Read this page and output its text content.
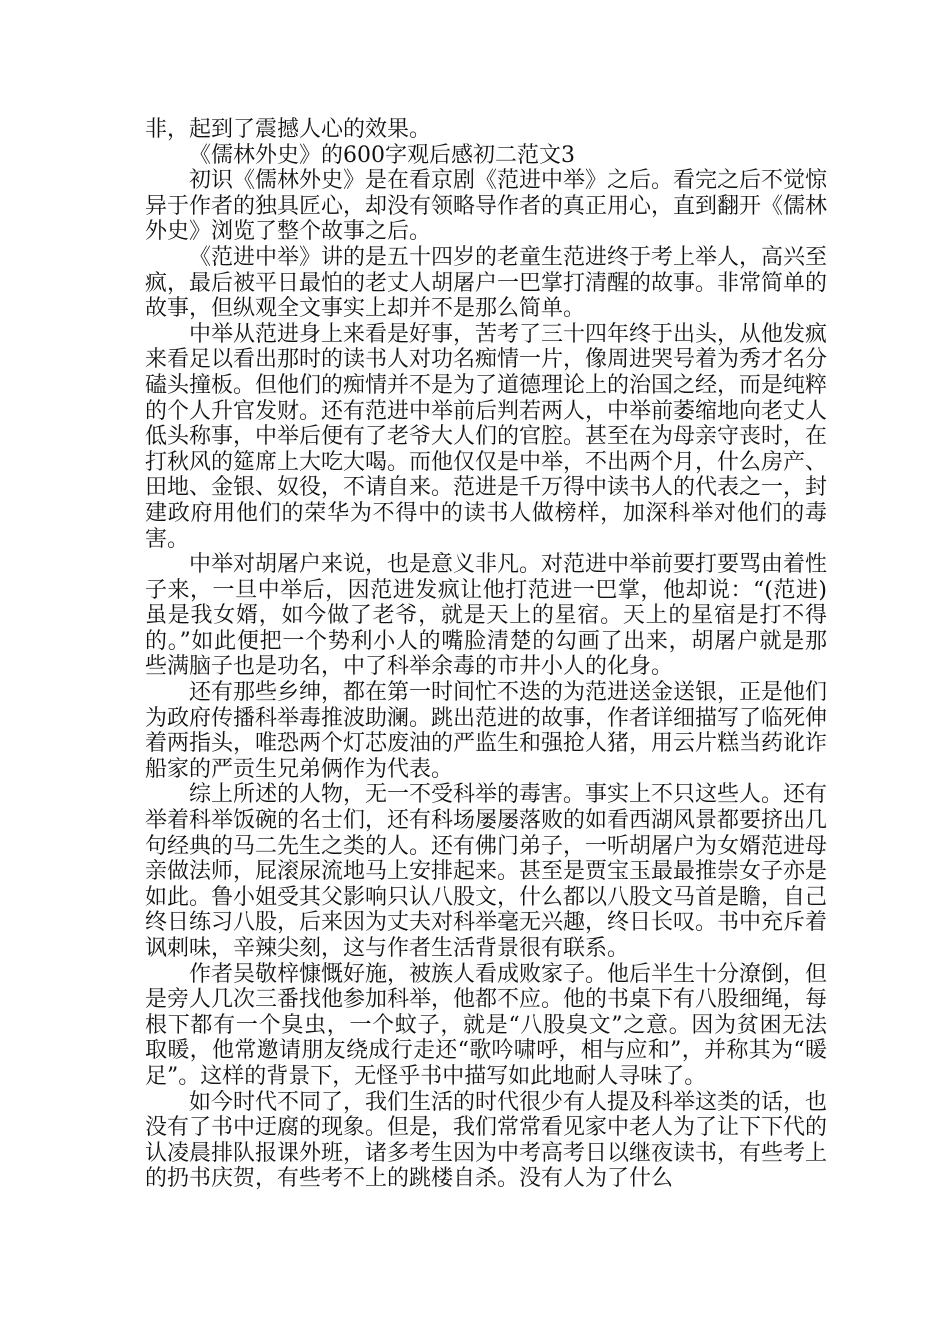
非，起到了震撼人心的效果。

《儒林外史》的600字观后感初二范文3

初识《儒林外史》是在看京剧《范进中举》之后。看完之后不觉惊异于作者的独具匠心，却没有领略导作者的真正用心，直到翻开《儒林外史》浏览了整个故事之后。

《范进中举》讲的是五十四岁的老童生范进终于考上举人，高兴至疯，最后被平日最怕的老丈人胡屠户一巴掌打清醒的故事。非常简单的故事，但纵观全文事实上却并不是那么简单。

中举从范进身上来看是好事，苦考了三十四年终于出头，从他发疯来看足以看出那时的读书人对功名痴情一片，像周进哭号着为秀才名分磕头撞板。但他们的痴情并不是为了道德理论上的治国之经，而是纯粹的个人升官发财。还有范进中举前后判若两人，中举前萎缩地向老丈人低头称事，中举后便有了老爷大人们的官腔。甚至在为母亲守丧时，在打秋风的筵席上大吃大喝。而他仅仅是中举，不出两个月，什么房产、田地、金银、奴役，不请自来。范进是千万得中读书人的代表之一，封建政府用他们的荣华为不得中的读书人做榜样，加深科举对他们的毒害。

中举对胡屠户来说，也是意义非凡。对范进中举前要打要骂由着性子来，一旦中举后，因范进发疯让他打范进一巴掌，他却说：“(范进)虽是我女婿，如今做了老爷，就是天上的星宿。天上的星宿是打不得的。”如此便把一个势利小人的嘴脸清楚的勾画了出来，胡屠户就是那些满脑子也是功名，中了科举余毒的市井小人的化身。

还有那些乡绅，都在第一时间忙不迭的为范进送金送银，正是他们为政府传播科举毒推波助澜。跳出范进的故事，作者详细描写了临死伸着两指头，唯恐两个灯芯废油的严监生和强抢人猪，用云片糕当药讹诈船家的严贡生兄弟俩作为代表。

综上所述的人物，无一不受科举的毒害。事实上不只这些人。还有举着科举饭碗的名士们，还有科场屡屡落败的如看西湖风景都要挤出几句经典的马二先生之类的人。还有佛门弟子，一听胡屠户为女婿范进母亲做法师，屁滚尿流地马上安排起来。甚至是贾宝玉最最推崇女子亦是如此。鲁小姐受其父影响只认八股文，什么都以八股文马首是瞻，自己终日练习八股，后来因为丈夫对科举毫无兴趣，终日长叹。书中充斥着讽刺味，辛辣尖刻，这与作者生活背景很有联系。

作者吴敬梓慷慨好施，被族人看成败家子。他后半生十分潦倒，但是旁人几次三番找他参加科举，他都不应。他的书桌下有八股细绳，每根下都有一个臭虫，一个蚊子，就是“八股臭文”之意。因为贫困无法取暖，他常邀请朋友绕成行走还“歌吟啸呼，相与应和”，并称其为“暖足”。这样的背景下，无怪乎书中描写如此地耐人寻味了。

如今时代不同了，我们生活的时代很少有人提及科举这类的话，也没有了书中迂腐的现象。但是，我们常常看见家中老人为了让下下代的认凌晨排队报课外班，诸多考生因为中考高考日以继夜读书，有些考上的扔书庆贺，有些考不上的跳楼自杀。没有人为了什么
